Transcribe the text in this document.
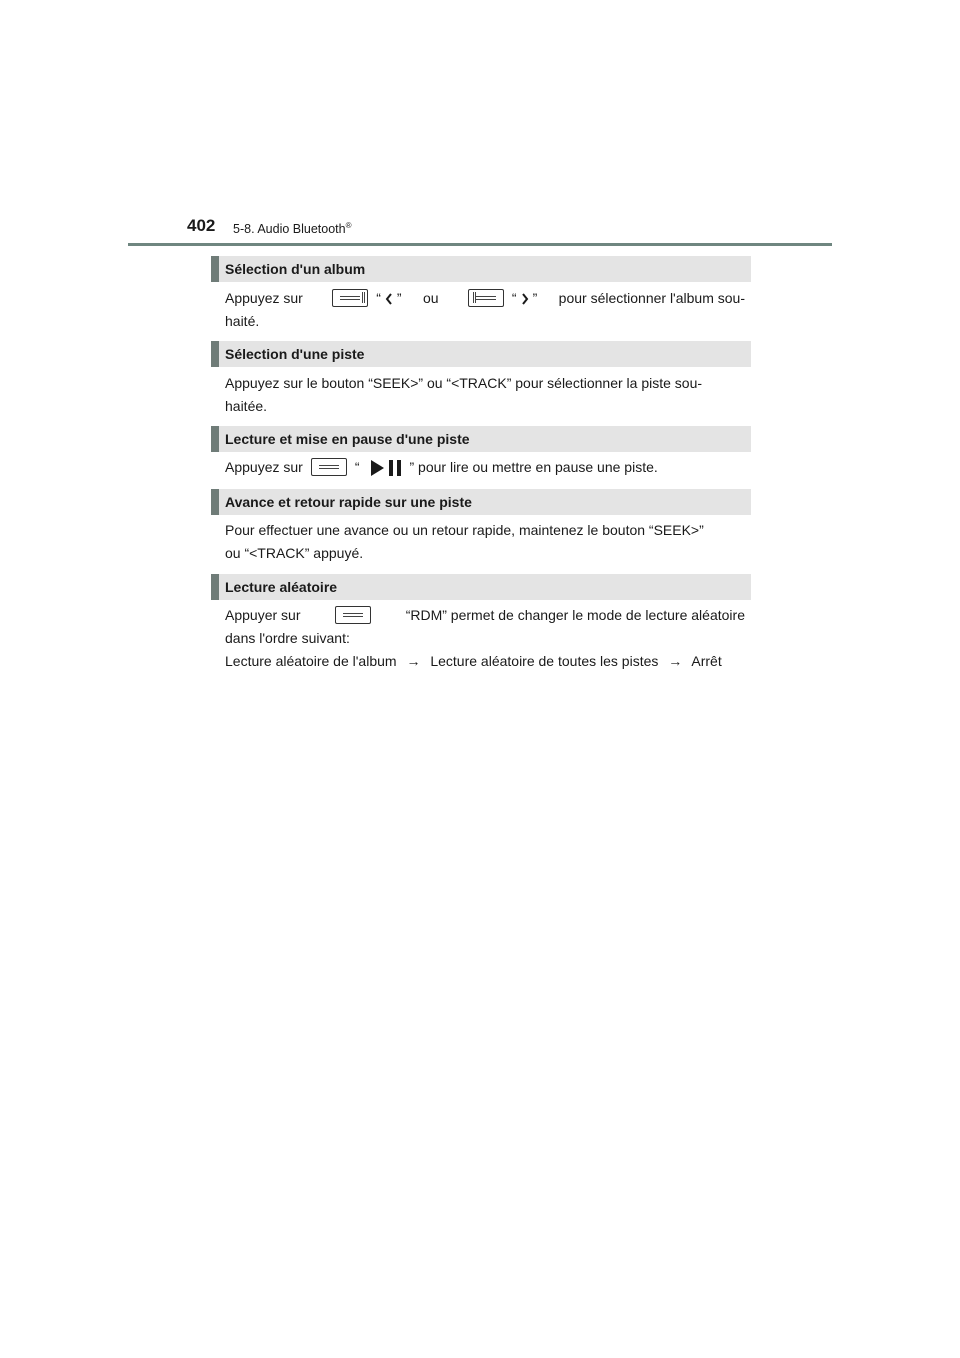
402 5-8. Audio Bluetooth®
Sélection d'un album
Appuyez sur	“ ” ou	“ ” pour sélectionner l'album sou-
haité.
Sélection d'une piste
Appuyez sur le bouton “SEEK>” ou “<TRACK” pour sélectionner la piste sou-
haitée.
Lecture et mise en pause d'une piste
Appuyez sur	“	” pour lire ou mettre en pause une piste.
Avance et retour rapide sur une piste
Pour effectuer une avance ou un retour rapide, maintenez le bouton “SEEK>”
ou “<TRACK” appuyé.
Lecture aléatoire
Appuyer sur	“RDM” permet de changer le mode de lecture aléatoire
dans l'ordre suivant:
Lecture aléatoire de l'album → Lecture aléatoire de toutes les pistes → Arrêt
